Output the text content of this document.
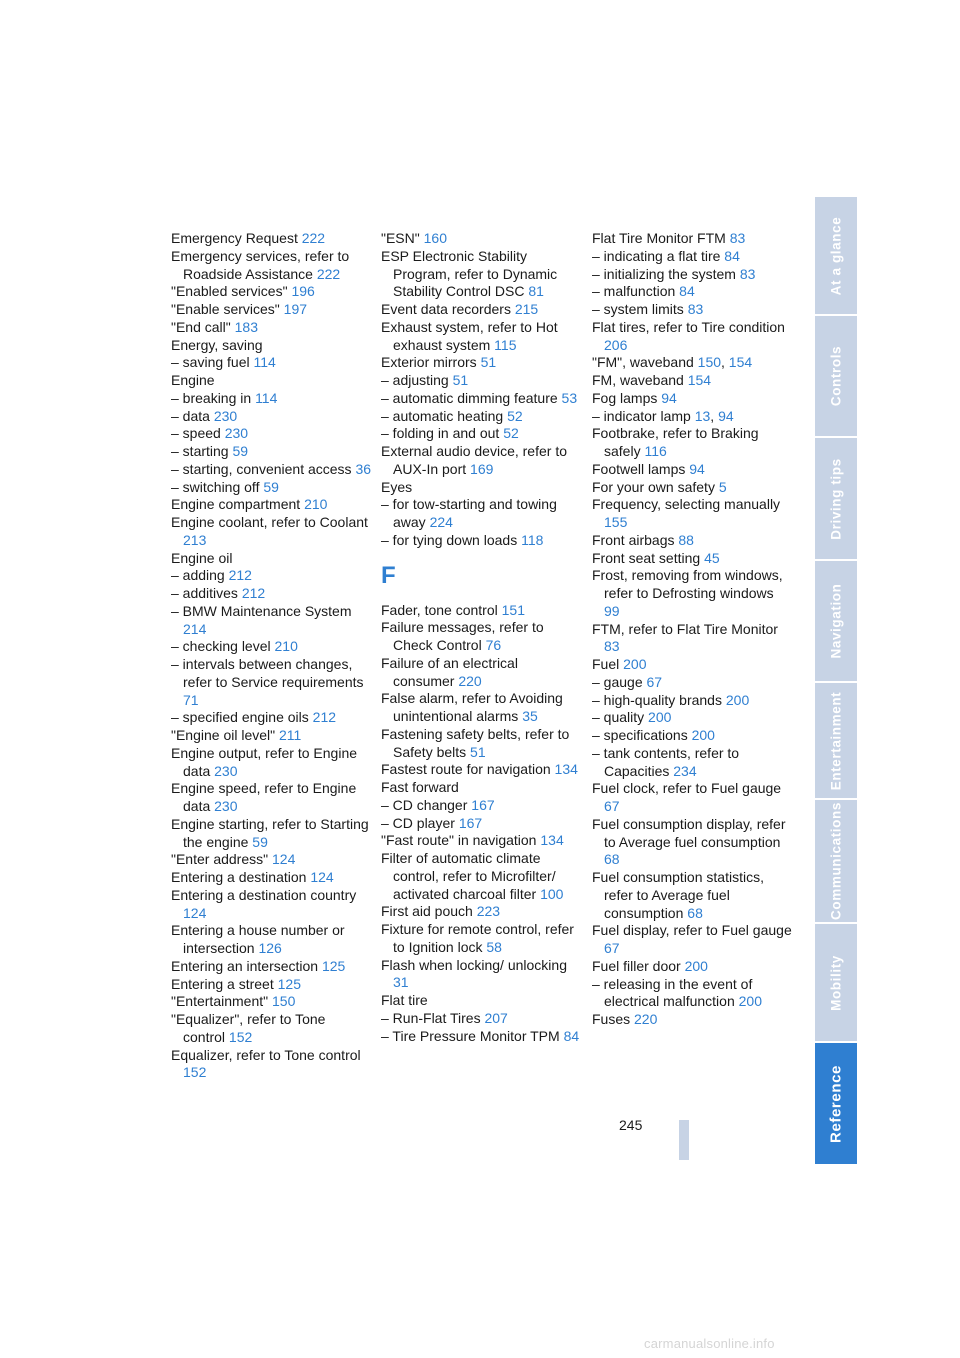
At a glance
Controls
Driving tips
Navigation
Entertainment
Communications
Mobility
Reference
Emergency Request 222
Emergency services, refer to Roadside Assistance 222
"Enabled services" 196
"Enable services" 197
"End call" 183
Energy, saving
– saving fuel 114
Engine
– breaking in 114
– data 230
– speed 230
– starting 59
– starting, convenient access 36
– switching off 59
Engine compartment 210
Engine coolant, refer to Coolant 213
Engine oil
– adding 212
– additives 212
– BMW Maintenance System 214
– checking level 210
– intervals between changes, refer to Service requirements 71
– specified engine oils 212
"Engine oil level" 211
Engine output, refer to Engine data 230
Engine speed, refer to Engine data 230
Engine starting, refer to Starting the engine 59
"Enter address" 124
Entering a destination 124
Entering a destination country 124
Entering a house number or intersection 126
Entering an intersection 125
Entering a street 125
"Entertainment" 150
"Equalizer", refer to Tone control 152
Equalizer, refer to Tone control 152
"ESN" 160
ESP Electronic Stability Program, refer to Dynamic Stability Control DSC 81
Event data recorders 215
Exhaust system, refer to Hot exhaust system 115
Exterior mirrors 51
– adjusting 51
– automatic dimming feature 53
– automatic heating 52
– folding in and out 52
External audio device, refer to AUX-In port 169
Eyes
– for tow-starting and towing away 224
– for tying down loads 118
F
Fader, tone control 151
Failure messages, refer to Check Control 76
Failure of an electrical consumer 220
False alarm, refer to Avoiding unintentional alarms 35
Fastening safety belts, refer to Safety belts 51
Fastest route for navigation 134
Fast forward
– CD changer 167
– CD player 167
"Fast route" in navigation 134
Filter of automatic climate control, refer to Microfilter/ activated charcoal filter 100
First aid pouch 223
Fixture for remote control, refer to Ignition lock 58
Flash when locking/ unlocking 31
Flat tire
– Run-Flat Tires 207
– Tire Pressure Monitor TPM 84
Flat Tire Monitor FTM 83
– indicating a flat tire 84
– initializing the system 83
– malfunction 84
– system limits 83
Flat tires, refer to Tire condition 206
"FM", waveband 150, 154
FM, waveband 154
Fog lamps 94
– indicator lamp 13, 94
Footbrake, refer to Braking safely 116
Footwell lamps 94
For your own safety 5
Frequency, selecting manually 155
Front airbags 88
Front seat setting 45
Frost, removing from windows, refer to Defrosting windows 99
FTM, refer to Flat Tire Monitor 83
Fuel 200
– gauge 67
– high-quality brands 200
– quality 200
– specifications 200
– tank contents, refer to Capacities 234
Fuel clock, refer to Fuel gauge 67
Fuel consumption display, refer to Average fuel consumption 68
Fuel consumption statistics, refer to Average fuel consumption 68
Fuel display, refer to Fuel gauge 67
Fuel filler door 200
– releasing in the event of electrical malfunction 200
Fuses 220
245
carmanualsonline.info
